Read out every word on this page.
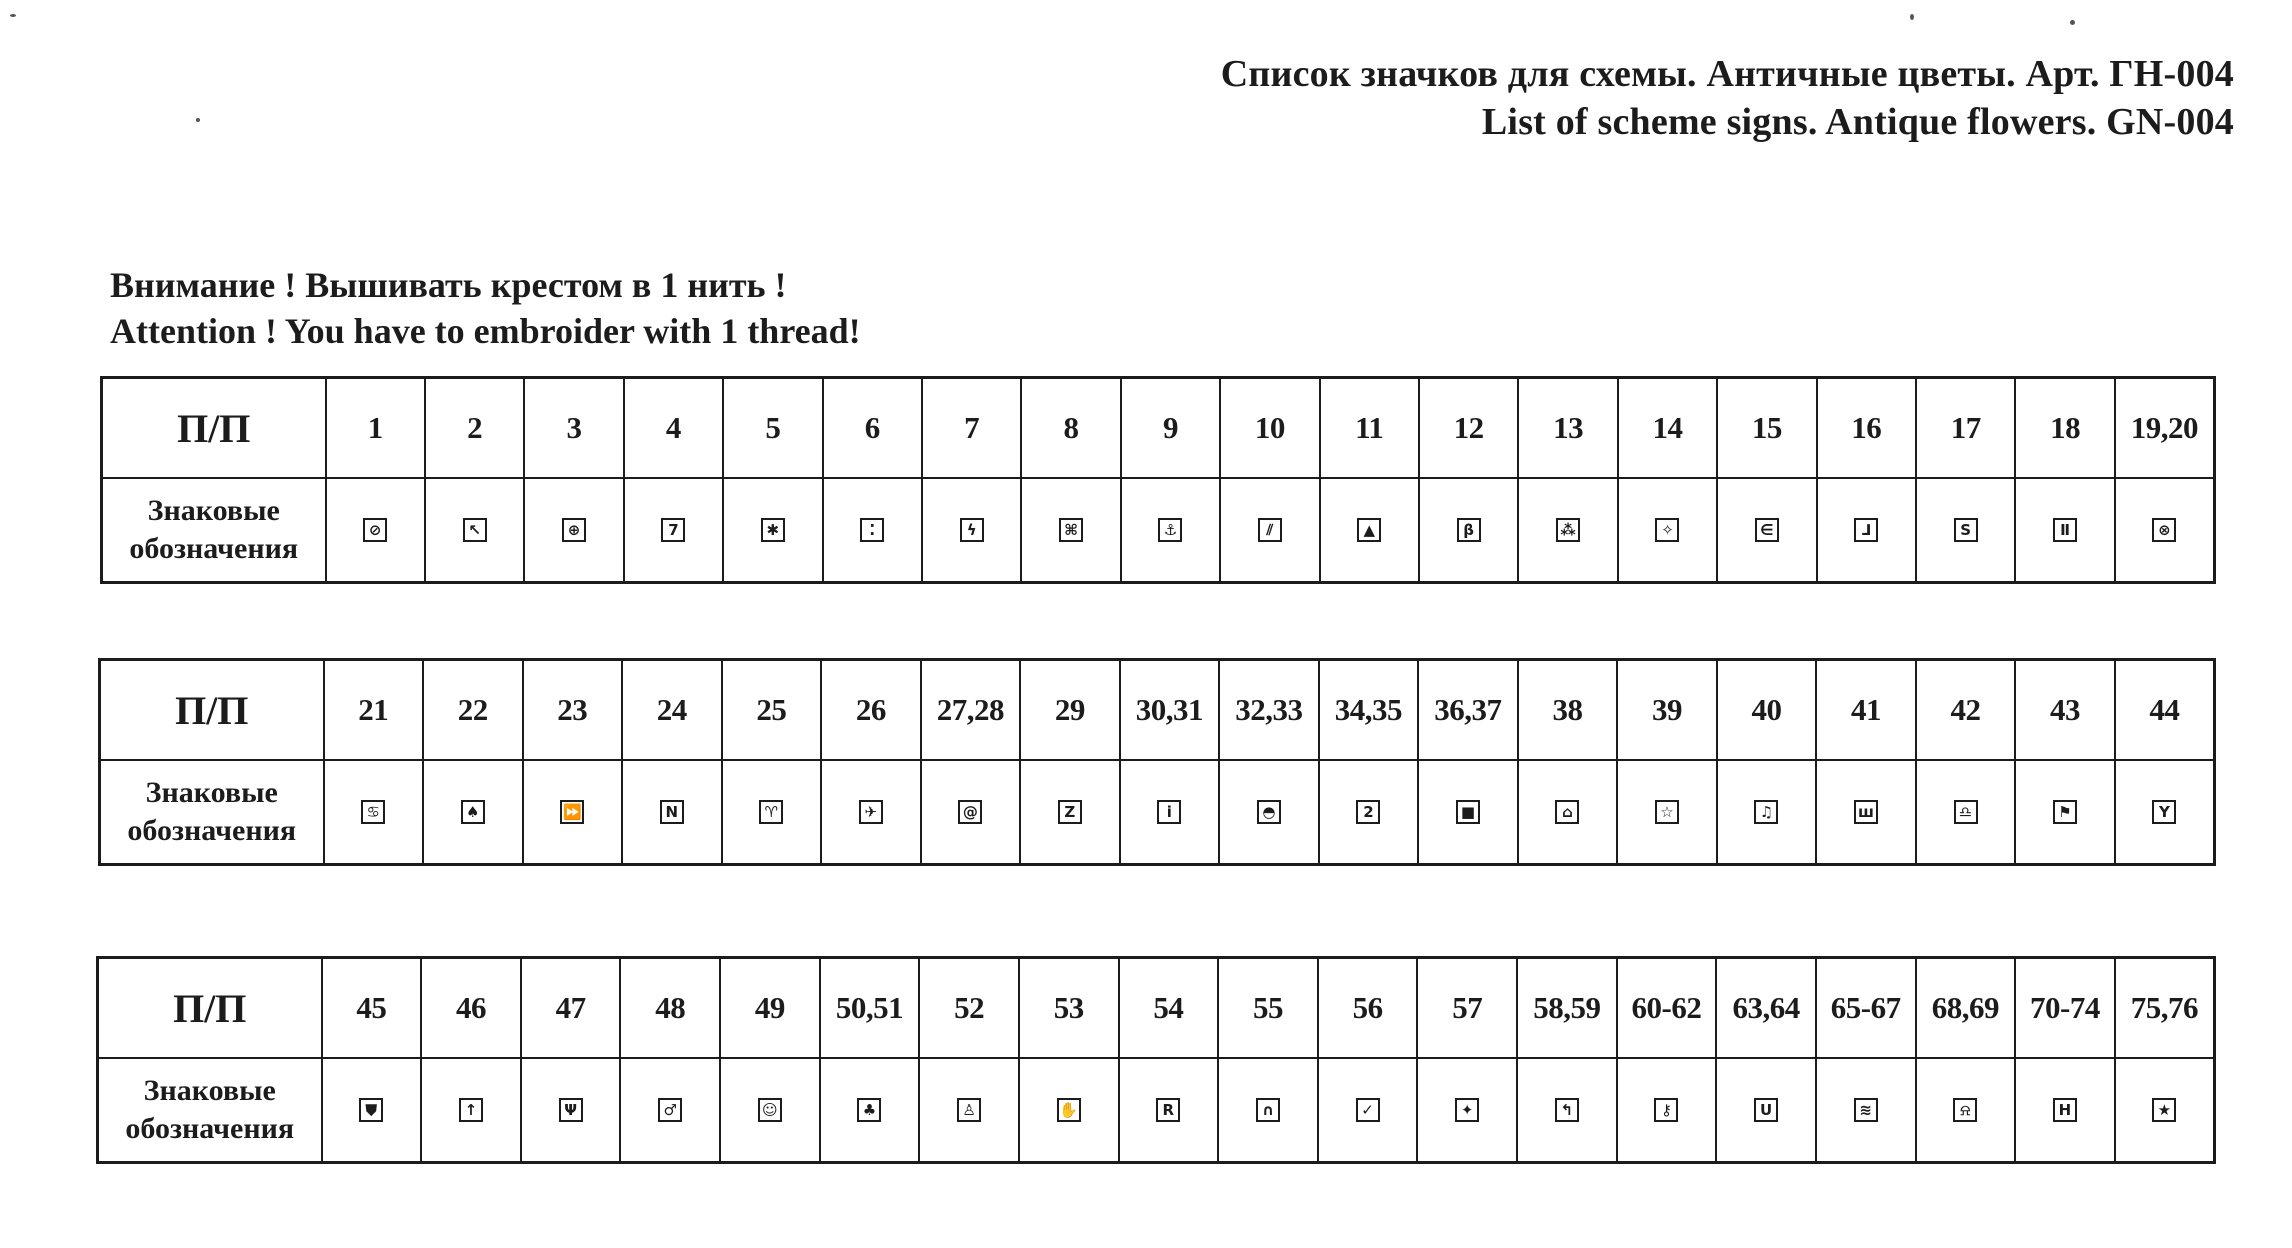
Список значков для схемы. Античные цветы. Арт. ГН-004
List of scheme signs. Antique flowers. GN-004
Внимание ! Вышивать крестом в 1 нить !
Attention ! You have to embroider with 1 thread!
П/П	1	2	3	4	5	6	7	8	9	10	11	12	13	14	15	16	17	18	19,20
Знаковые обозначения	⊘	↖	⊕	7	✱	⁚	ϟ	⌘	⚓	⫽	▲	β	⁂	✧	∈	⅃	S	Ⅱ	⊗
П/П	21	22	23	24	25	26	27,28	29	30,31	32,33	34,35	36,37	38	39	40	41	42	43	44
Знаковые обозначения	♋	♠	⏩	N	♈	✈	@	Z	i	◓	2	■	⌂	☆	♫	ш	♎	⚑	Y
П/П	45	46	47	48	49	50,51	52	53	54	55	56	57	58,59	60-62	63,64	65-67	68,69	70-74	75,76
Знаковые обозначения	⛊	↑	Ψ	♂	☺	♣	♙	✋	R	∩	✓	✦	↰	⚷	U	≋	⍾	H	★
